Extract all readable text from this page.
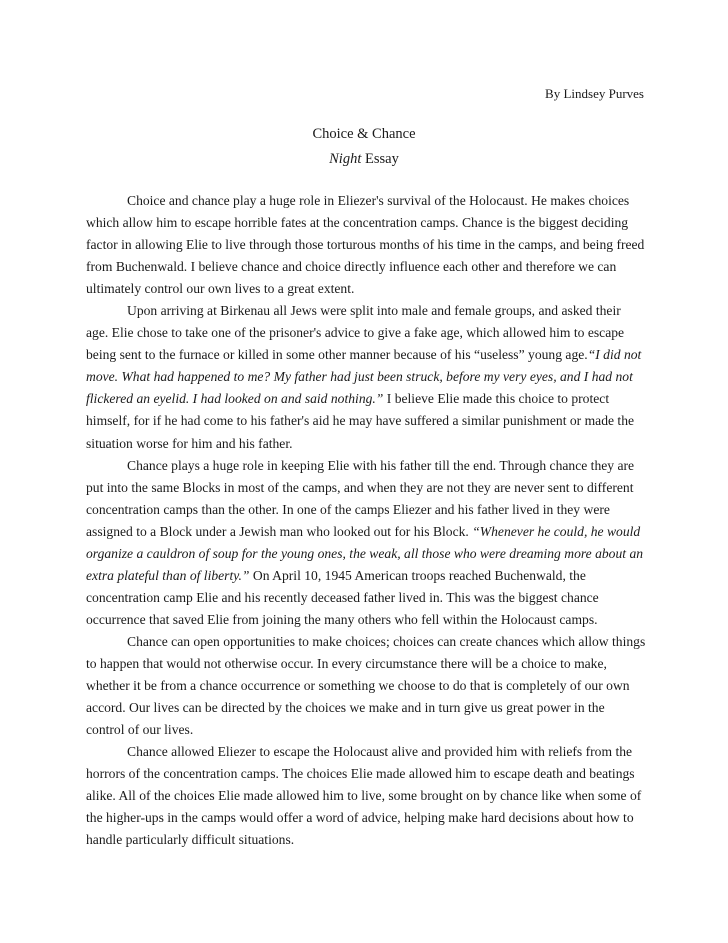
By Lindsey Purves
Choice & Chance
Night Essay

Choice and chance play a huge role in Eliezer's survival of the Holocaust. He makes choices which allow him to escape horrible fates at the concentration camps. Chance is the biggest deciding factor in allowing Elie to live through those torturous months of his time in the camps, and being freed from Buchenwald. I believe chance and choice directly influence each other and therefore we can ultimately control our own lives to a great extent.

Upon arriving at Birkenau all Jews were split into male and female groups, and asked their age. Elie chose to take one of the prisoner's advice to give a fake age, which allowed him to escape being sent to the furnace or killed in some other manner because of his “useless” young age.“I did not move. What had happened to me? My father had just been struck, before my very eyes, and I had not flickered an eyelid. I had looked on and said nothing.” I believe Elie made this choice to protect himself, for if he had come to his father's aid he may have suffered a similar punishment or made the situation worse for him and his father.

Chance plays a huge role in keeping Elie with his father till the end. Through chance they are put into the same Blocks in most of the camps, and when they are not they are never sent to different concentration camps than the other. In one of the camps Eliezer and his father lived in they were assigned to a Block under a Jewish man who looked out for his Block. “Whenever he could, he would organize a cauldron of soup for the young ones, the weak, all those who were dreaming more about an extra plateful than of liberty.” On April 10, 1945 American troops reached Buchenwald, the concentration camp Elie and his recently deceased father lived in. This was the biggest chance occurrence that saved Elie from joining the many others who fell within the Holocaust camps.

Chance can open opportunities to make choices; choices can create chances which allow things to happen that would not otherwise occur. In every circumstance there will be a choice to make, whether it be from a chance occurrence or something we choose to do that is completely of our own accord. Our lives can be directed by the choices we make and in turn give us great power in the control of our lives.

Chance allowed Eliezer to escape the Holocaust alive and provided him with reliefs from the horrors of the concentration camps. The choices Elie made allowed him to escape death and beatings alike. All of the choices Elie made allowed him to live, some brought on by chance like when some of the higher-ups in the camps would offer a word of advice, helping make hard decisions about how to handle particularly difficult situations.
